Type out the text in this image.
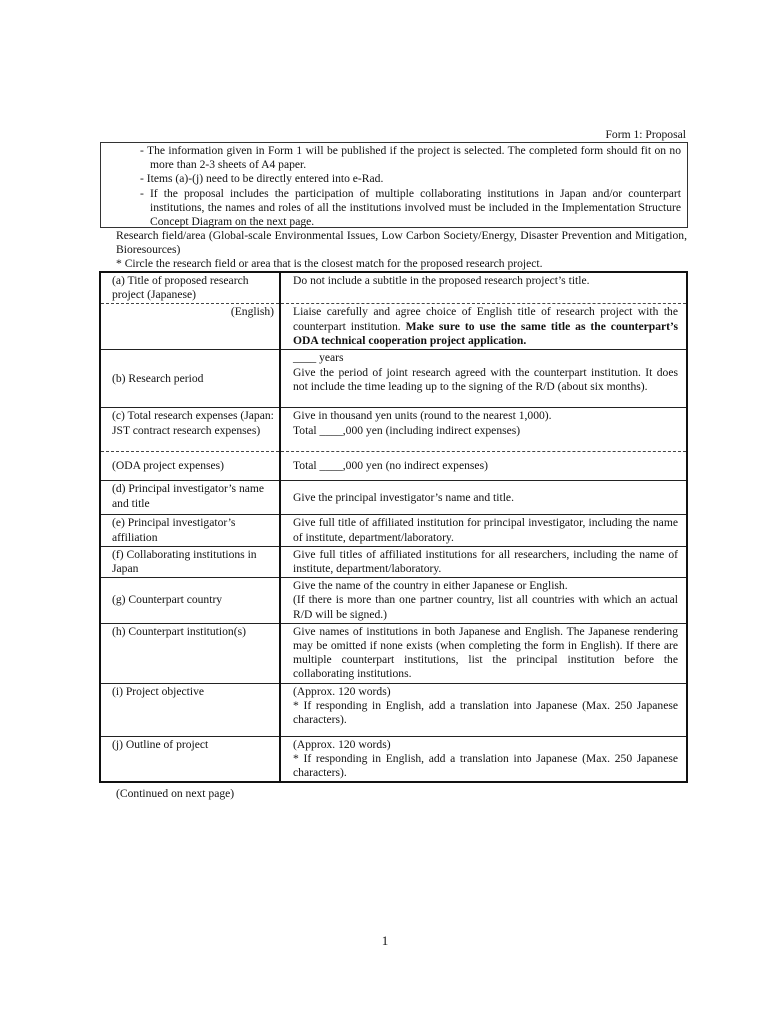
Form 1: Proposal
- The information given in Form 1 will be published if the project is selected. The completed form should fit on no more than 2-3 sheets of A4 paper.
- Items (a)-(j) need to be directly entered into e-Rad.
- If the proposal includes the participation of multiple collaborating institutions in Japan and/or counterpart institutions, the names and roles of all the institutions involved must be included in the Implementation Structure Concept Diagram on the next page.
Research field/area (Global-scale Environmental Issues, Low Carbon Society/Energy, Disaster Prevention and Mitigation, Bioresources)
* Circle the research field or area that is the closest match for the proposed research project.
(a) Title of proposed research project (Japanese)	Do not include a subtitle in the proposed research project’s title.
(English)	Liaise carefully and agree choice of English title of research project with the counterpart institution. Make sure to use the same title as the counterpart’s ODA technical cooperation project application.
(b) Research period	____ years
Give the period of joint research agreed with the counterpart institution. It does not include the time leading up to the signing of the R/D (about six months).

(c) Total research expenses (Japan: JST contract research expenses)	Give in thousand yen units (round to the nearest 1,000).
Total ____,000 yen (including indirect expenses)

(ODA project expenses)	Total ____,000 yen (no indirect expenses)
(d) Principal investigator’s name and title	Give the principal investigator’s name and title.
(e) Principal investigator’s affiliation	Give full title of affiliated institution for principal investigator, including the name of institute, department/laboratory.
(f) Collaborating institutions in Japan	Give full titles of affiliated institutions for all researchers, including the name of institute, department/laboratory.
(g) Counterpart country	Give the name of the country in either Japanese or English.
(If there is more than one partner country, list all countries with which an actual R/D will be signed.)

(h) Counterpart institution(s)	Give names of institutions in both Japanese and English. The Japanese rendering may be omitted if none exists (when completing the form in English). If there are multiple counterpart institutions, list the principal institution before the collaborating institutions.
(i) Project objective	(Approx. 120 words)
* If responding in English, add a translation into Japanese (Max. 250 Japanese characters).

(j) Outline of project	(Approx. 120 words)
* If responding in English, add a translation into Japanese (Max. 250 Japanese characters).
(Continued on next page)
1
